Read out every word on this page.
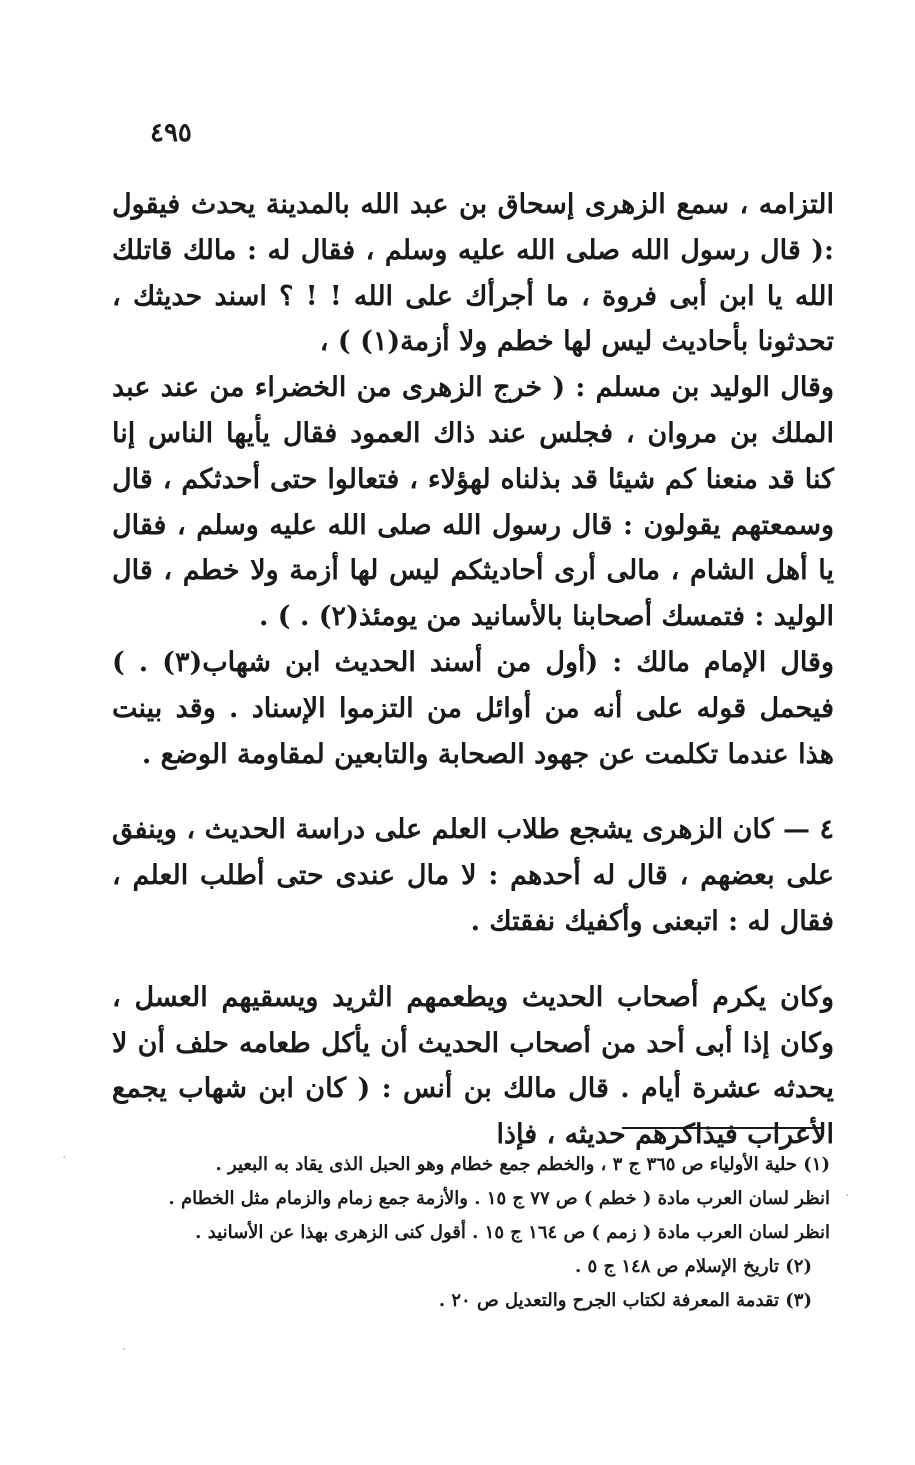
٤٩٥

التزامه ، سمع الزهرى إسحاق بن عبد الله بالمدينة يحدث فيقول :( قال رسول الله صلى الله عليه وسلم ، فقال له : مالك قاتلك الله يا ابن أبى فروة ، ما أجرأك على الله ! ! ؟ اسند حديثك ، تحدثونا بأحاديث ليس لها خطم ولا أزمة(١) ) ،

وقال الوليد بن مسلم : ( خرج الزهرى من الخضراء من عند عبد الملك بن مروان ، فجلس عند ذاك العمود فقال يأيها الناس إنا كنا قد منعنا كم شيئا قد بذلناه لهؤلاء ، فتعالوا حتى أحدثكم ، قال وسمعتهم يقولون : قال رسول الله صلى الله عليه وسلم ، فقال يا أهل الشام ، مالى أرى أحاديثكم ليس لها أزمة ولا خطم ، قال الوليد : فتمسك أصحابنا بالأسانيد من يومئذ(٢) . ) .

وقال الإمام مالك : (أول من أسند الحديث ابن شهاب(٣) . ) فيحمل قوله على أنه من أوائل من التزموا الإسناد . وقد بينت هذا عندما تكلمت عن جهود الصحابة والتابعين لمقاومة الوضع .

٤ — كان الزهرى يشجع طلاب العلم على دراسة الحديث ، وينفق على بعضهم ، قال له أحدهم : لا مال عندى حتى أطلب العلم ، فقال له : اتبعنى وأكفيك نفقتك .

وكان يكرم أصحاب الحديث ويطعمهم الثريد ويسقيهم العسل ، وكان إذا أبى أحد من أصحاب الحديث أن يأكل طعامه حلف أن لا يحدثه عشرة أيام . قال مالك بن أنس : ( كان ابن شهاب يجمع الأعراب فيذاكرهم حديثه ، فإذا

(١) حلية الأولياء ص ٣٦٥ ج ٣ ، والخطم جمع خطام وهو الحبل الذى يقاد به البعير .

انظر لسان العرب مادة ( خطم ) ص ٧٧ ج ١٥ . والأزمة جمع زمام والزمام مثل الخطام .

انظر لسان العرب مادة ( زمم ) ص ١٦٤ ج ١٥ . أقول كنى الزهرى بهذا عن الأسانيد .

(٢) تاريخ الإسلام ص ١٤٨ ج ٥ .

(٣) تقدمة المعرفة لكتاب الجرح والتعديل ص ٢٠ .

·
·
·
